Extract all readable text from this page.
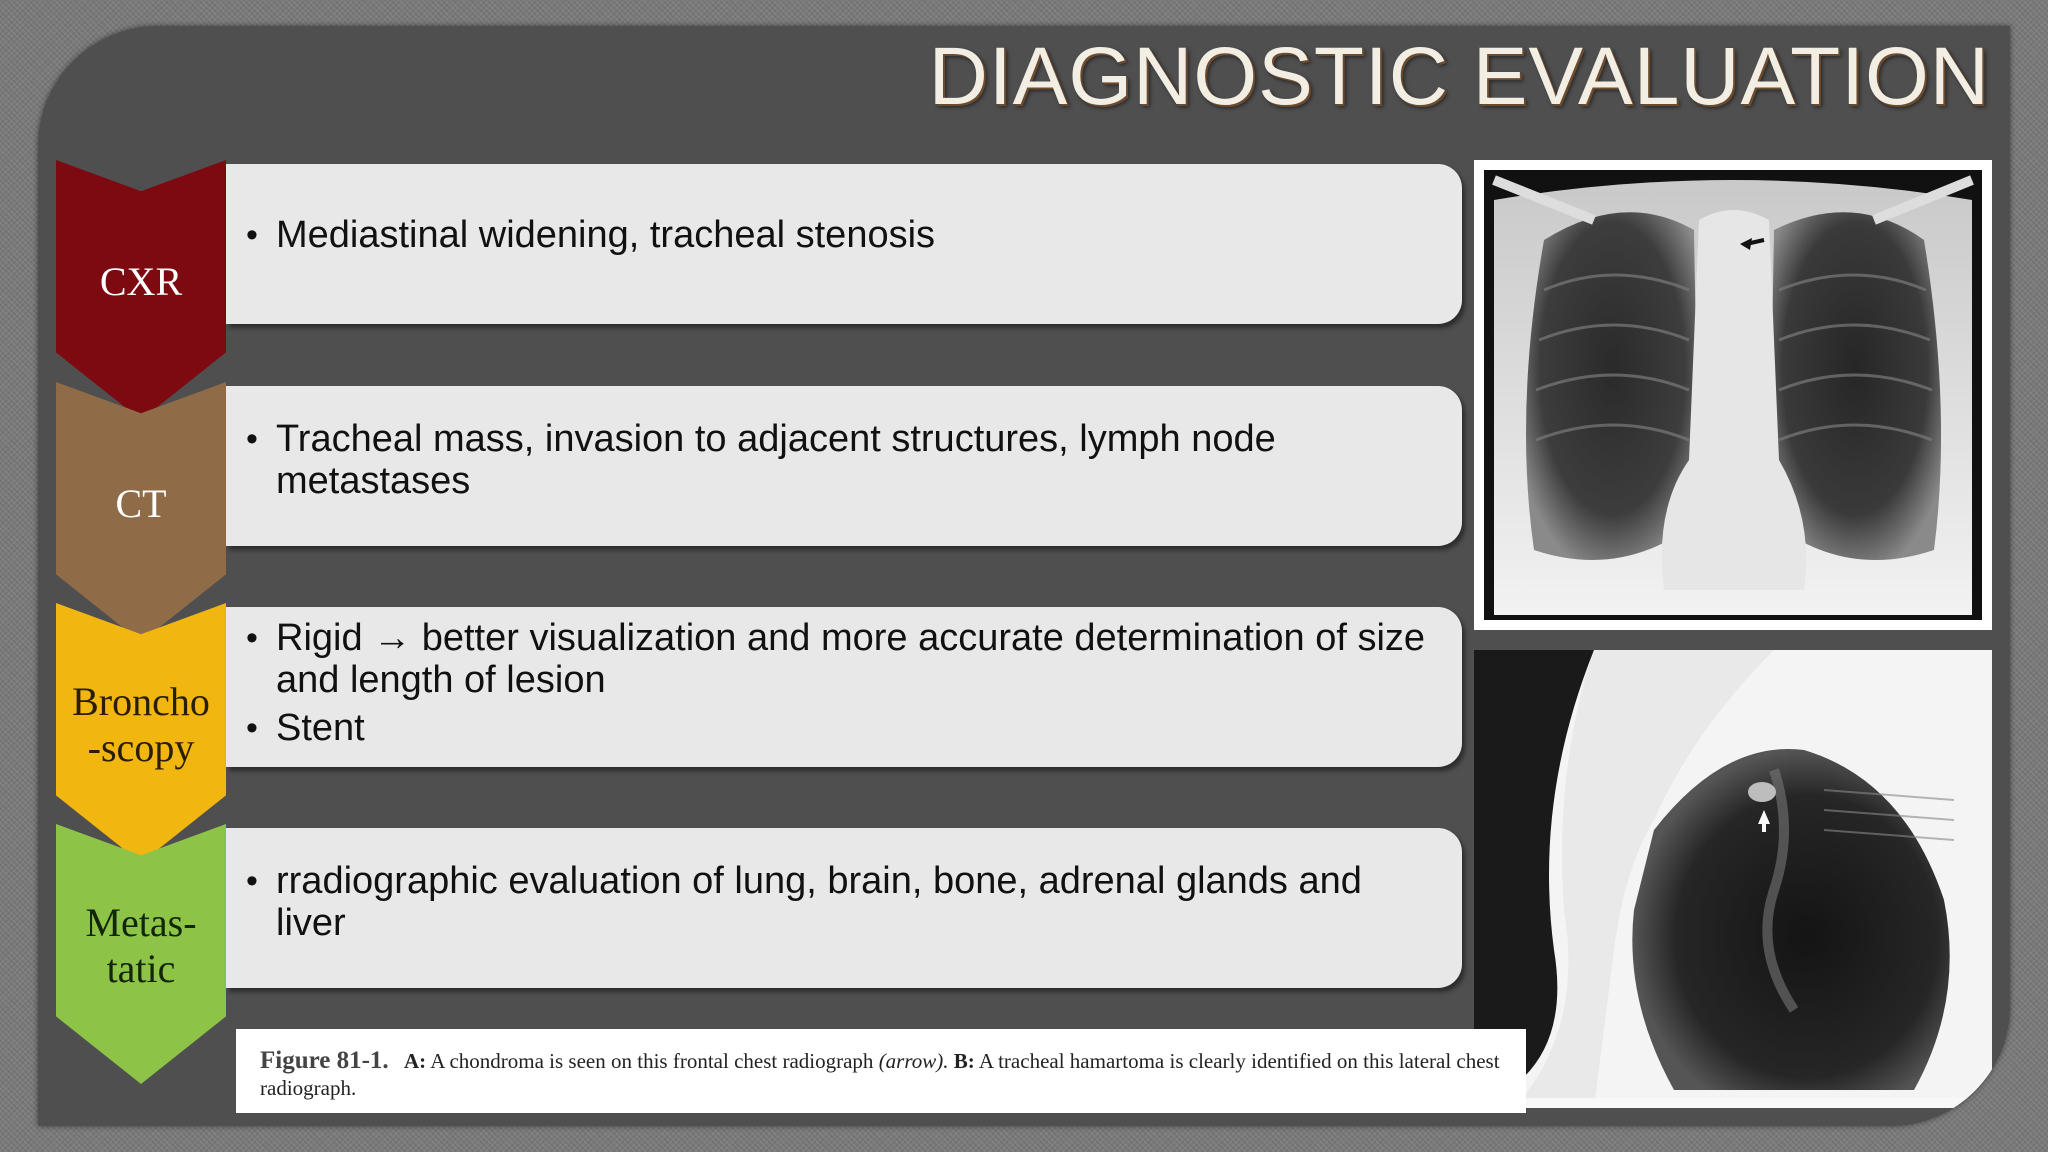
DIAGNOSTIC EVALUATION
CXR
• Mediastinal widening, tracheal stenosis
CT
• Tracheal mass, invasion to adjacent structures, lymph node metastases
Broncho
-scopy
• Rigid → better visualization and more accurate determination of size and length of lesion
• Stent
Metas-
tatic
• rradiographic evaluation of lung, brain, bone, adrenal glands and liver
Figure 81-1. A: A chondroma is seen on this frontal chest radiograph (arrow). B: A tracheal hamartoma is clearly identified on this lateral chest radiograph.
